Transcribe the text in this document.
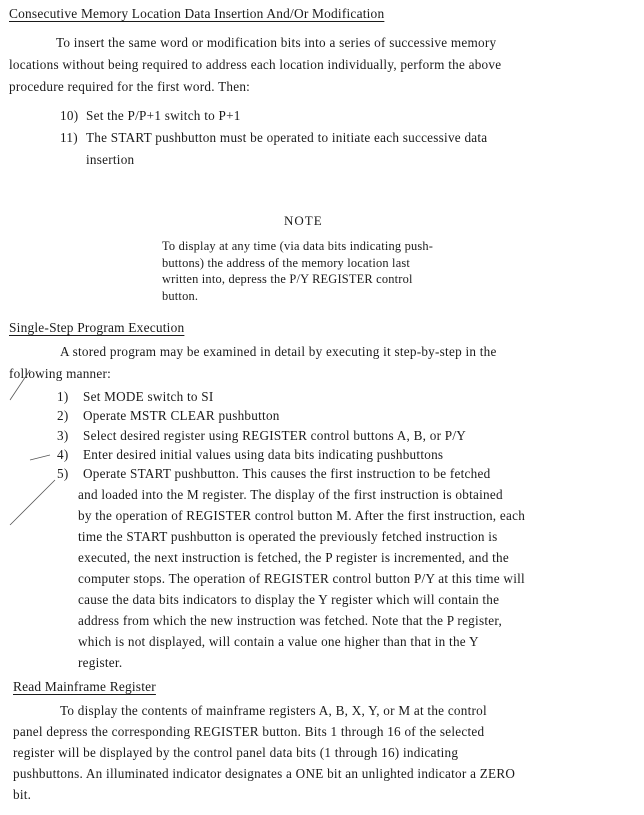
Consecutive Memory Location Data Insertion And/Or Modification
To insert the same word or modification bits into a series of successive memory
locations without being required to address each location individually, perform the above
procedure required for the first word. Then:
10) Set the P/P+1 switch to P+1
11) The START pushbutton must be operated to initiate each successive data
insertion
NOTE
To display at any time (via data bits indicating push-
buttons) the address of the memory location last
written into, depress the P/Y REGISTER control
button.
Single-Step Program Execution
A stored program may be examined in detail by executing it step-by-step in the
following manner:
1) Set MODE switch to SI
2) Operate MSTR CLEAR pushbutton
3) Select desired register using REGISTER control buttons A, B, or P/Y
4) Enter desired initial values using data bits indicating pushbuttons
5) Operate START pushbutton. This causes the first instruction to be fetched
and loaded into the M register. The display of the first instruction is obtained
by the operation of REGISTER control button M. After the first instruction, each
time the START pushbutton is operated the previously fetched instruction is
executed, the next instruction is fetched, the P register is incremented, and the
computer stops. The operation of REGISTER control button P/Y at this time will
cause the data bits indicators to display the Y register which will contain the
address from which the new instruction was fetched. Note that the P register,
which is not displayed, will contain a value one higher than that in the Y
register.
Read Mainframe Register
To display the contents of mainframe registers A, B, X, Y, or M at the control
panel depress the corresponding REGISTER button. Bits 1 through 16 of the selected
register will be displayed by the control panel data bits (1 through 16) indicating
pushbuttons. An illuminated indicator designates a ONE bit an unlighted indicator a ZERO
bit.
